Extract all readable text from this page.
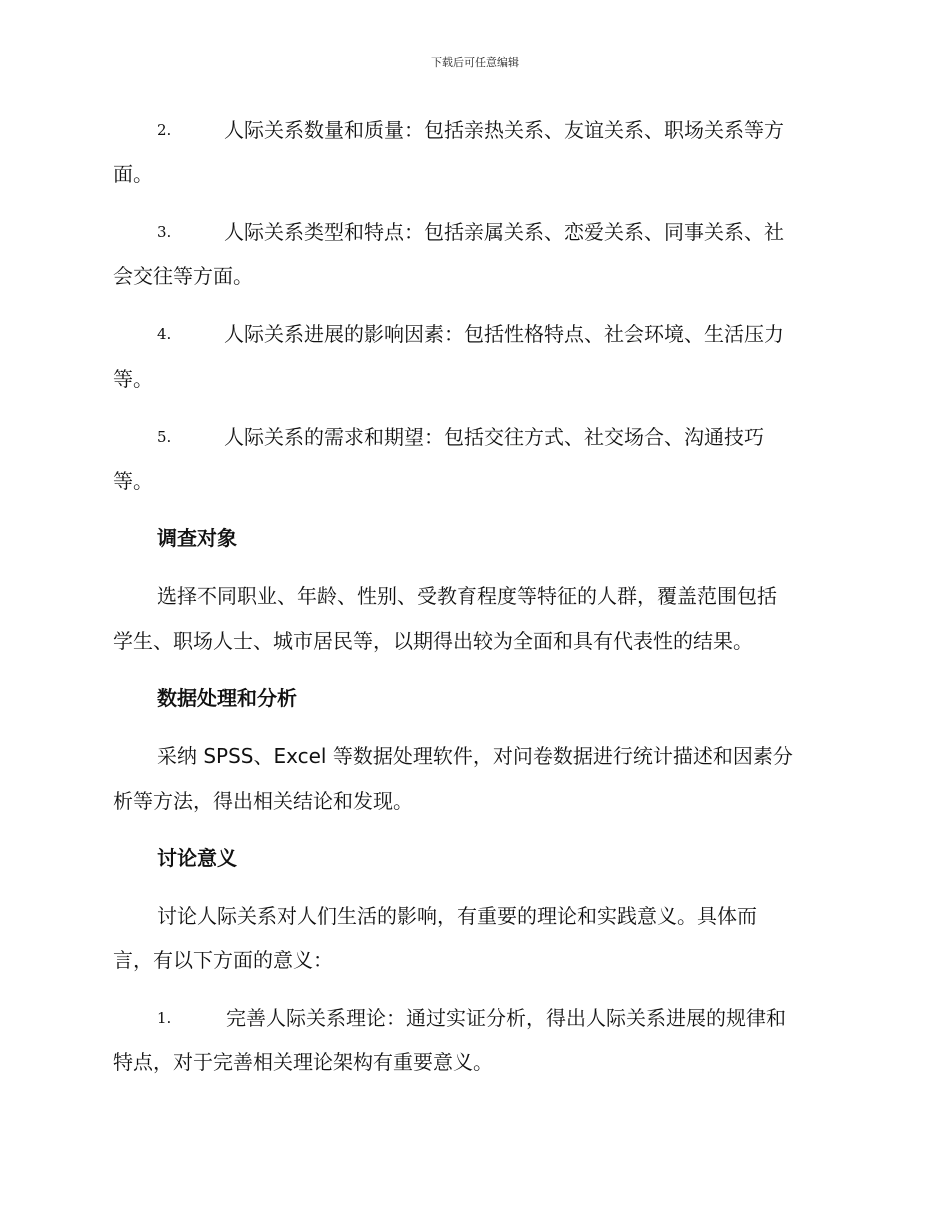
下载后可任意编辑
2.	人际关系数量和质量：包括亲热关系、友谊关系、职场关系等方
面。
3.	人际关系类型和特点：包括亲属关系、恋爱关系、同事关系、社
会交往等方面。
4.	人际关系进展的影响因素：包括性格特点、社会环境、生活压力
等。
5.	人际关系的需求和期望：包括交往方式、社交场合、沟通技巧
等。
调查对象
选择不同职业、年龄、性别、受教育程度等特征的人群，覆盖范围包括
学生、职场人士、城市居民等，以期得出较为全面和具有代表性的结果。
数据处理和分析
采纳 SPSS、Excel 等数据处理软件，对问卷数据进行统计描述和因素分
析等方法，得出相关结论和发现。
讨论意义
讨论人际关系对人们生活的影响，有重要的理论和实践意义。具体而
言，有以下方面的意义：
1.	完善人际关系理论：通过实证分析，得出人际关系进展的规律和
特点，对于完善相关理论架构有重要意义。
